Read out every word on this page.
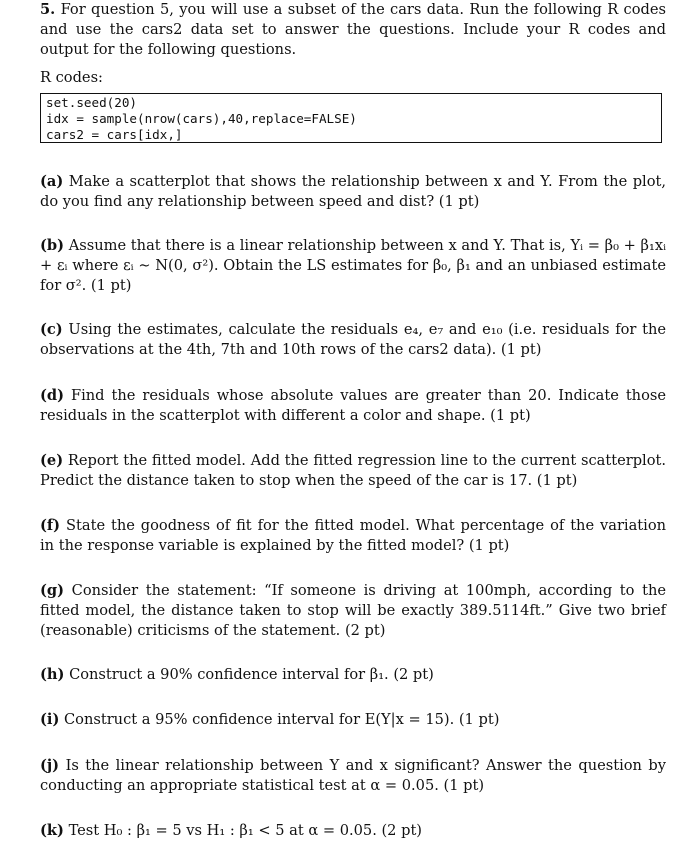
5. For question 5, you will use a subset of the cars data. Run the following R codes and use the cars2 data set to answer the questions. Include your R codes and output for the following questions.
R codes:
set.seed(20)
idx = sample(nrow(cars),40,replace=FALSE)
cars2 = cars[idx,]
(a) Make a scatterplot that shows the relationship between x and Y. From the plot, do you find any relationship between speed and dist? (1 pt)
(b) Assume that there is a linear relationship between x and Y. That is, Yᵢ = β₀ + β₁xᵢ + εᵢ where εᵢ ∼ N(0, σ²). Obtain the LS estimates for β₀, β₁ and an unbiased estimate for σ². (1 pt)
(c) Using the estimates, calculate the residuals e₄, e₇ and e₁₀ (i.e. residuals for the observations at the 4th, 7th and 10th rows of the cars2 data). (1 pt)
(d) Find the residuals whose absolute values are greater than 20. Indicate those residuals in the scatterplot with different a color and shape. (1 pt)
(e) Report the fitted model. Add the fitted regression line to the current scatterplot. Predict the distance taken to stop when the speed of the car is 17. (1 pt)
(f) State the goodness of fit for the fitted model. What percentage of the variation in the response variable is explained by the fitted model? (1 pt)
(g) Consider the statement: “If someone is driving at 100mph, according to the fitted model, the distance taken to stop will be exactly 389.5114ft.” Give two brief (reasonable) criticisms of the statement. (2 pt)
(h) Construct a 90% confidence interval for β₁. (2 pt)
(i) Construct a 95% confidence interval for E(Y|x = 15). (1 pt)
(j) Is the linear relationship between Y and x significant? Answer the question by conducting an appropriate statistical test at α = 0.05. (1 pt)
(k) Test H₀ : β₁ = 5 vs H₁ : β₁ < 5 at α = 0.05. (2 pt)
